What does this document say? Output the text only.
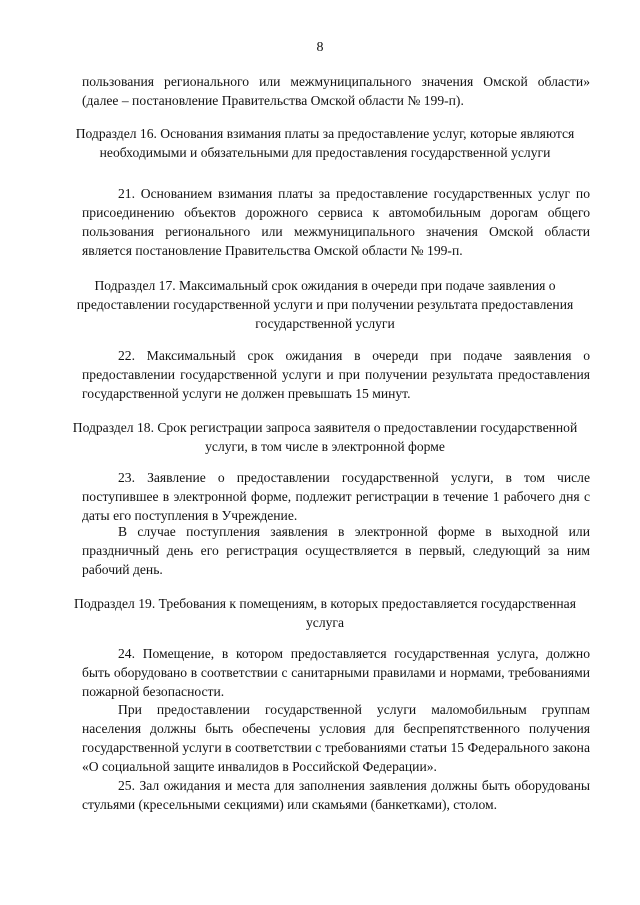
8

пользования регионального или межмуниципального значения Омской области» (далее – постановление Правительства Омской области № 199-п).

Подраздел 16. Основания взимания платы за предоставление услуг, которые являются необходимыми и обязательными для предоставления государственной услуги

21. Основанием взимания платы за предоставление государственных услуг по присоединению объектов дорожного сервиса к автомобильным дорогам общего пользования регионального или межмуниципального значения Омской области является постановление Правительства Омской области № 199-п.

Подраздел 17. Максимальный срок ожидания в очереди при подаче заявления о предоставлении государственной услуги и при получении результата предоставления государственной услуги

22. Максимальный срок ожидания в очереди при подаче заявления о предоставлении государственной услуги и при получении результата предоставления государственной услуги не должен превышать 15 минут.

Подраздел 18. Срок регистрации запроса заявителя о предоставлении государственной услуги, в том числе в электронной форме

23. Заявление о предоставлении государственной услуги, в том числе поступившее в электронной форме, подлежит регистрации в течение 1 рабочего дня с даты его поступления в Учреждение.

В случае поступления заявления в электронной форме в выходной или праздничный день его регистрация осуществляется в первый, следующий за ним рабочий день.

Подраздел 19. Требования к помещениям, в которых предоставляется государственная услуга

24. Помещение, в котором предоставляется государственная услуга, должно быть оборудовано в соответствии с санитарными правилами и нормами, требованиями пожарной безопасности.

При предоставлении государственной услуги маломобильным группам населения должны быть обеспечены условия для беспрепятственного получения государственной услуги в соответствии с требованиями статьи 15 Федерального закона «О социальной защите инвалидов в Российской Федерации».

25. Зал ожидания и места для заполнения заявления должны быть оборудованы стульями (кресельными секциями) или скамьями (банкетками), столом.
